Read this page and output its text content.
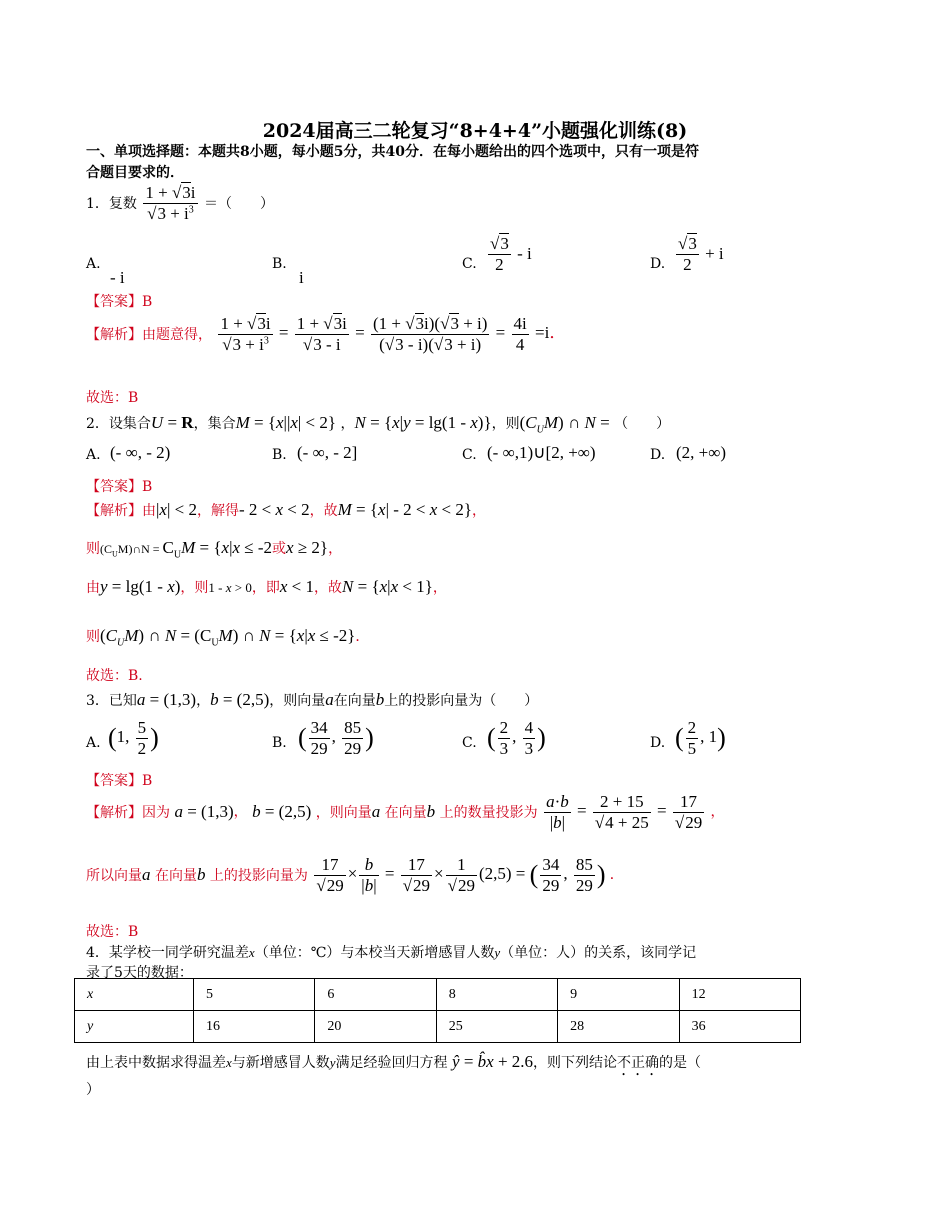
2024届高三二轮复习“8+4+4”小题强化训练(8)
一、单项选择题：本题共8小题，每小题5分，共40分．在每小题给出的四个选项中，只有一项是符
合题目要求的．
1．复数 $\frac{1 + √3i}{√3 + i^3}$ ＝（　　）
A.
- i
B.
i
C. $\frac{√3}{2}$ - i
D. $\frac{√3}{2} + i$
【答案】B
【解析】由题意得， $\frac{1 + √3i}{√3 + i^3} = \frac{1 + √3i}{√3 - i} = \frac{(1 + √3i)(√3 + i)}{(√3 - i)(√3 + i)} = \frac{4i}{4} =i$．
故选：B
2．设集合U = R，集合M = {x||x| < 2} ，N = {x|y = lg(1 - x)}，则$(C_UM)$ ∩ N = （　　）
A. (- ∞, - 2)	B. (- ∞, - 2]	C. (- ∞,1)∪[2, +∞)	D. (2, +∞)
【答案】B
【解析】由|x| < 2，解得- 2 < x < 2，故M = {x| - 2 < x < 2}，
则$(C_UM)\cap N = C_UM = \{x|x \le -2$或x ≥ 2}，
由y = lg(1 - x)，则1 - x > 0，即x < 1，故N = {x|x < 1}，
则$(C_UM)$ ∩ $N = (C_UM)$ ∩ N = {x|x ≤ -2}．
故选：B.
3．已知a = (1,3)，b = (2,5)，则向量a在向量b上的投影向量为（　　）
A. (1, $\frac{5}{2}$ )	B. ( $\frac{34}{29}$ , $\frac{85}{29}$ )	C. ( $\frac{2}{3}$ , $\frac{4}{3}$ )	D. ( $\frac{2}{5}$ , 1)
【答案】B
【解析】因为 a = (1,3)， b = (2,5) ，则向量a 在向量b 上的数量投影为 $\frac{a\cdot b}{|b|} = \frac{2 + 15}{√4 + 25} = \frac{17}{√29}$ ，
所以向量a 在向量b 上的投影向量为 $\frac{17}{√29} \times \frac{b}{|b|} = \frac{17}{√29} \times \frac{1}{√29} (2,5)$ = ( $\frac{34}{29}$ , $\frac{85}{29}$ ) ．
故选：B
4．某学校一同学研究温差x（单位：℃）与本校当天新增感冒人数y（单位：人）的关系，该同学记
录了5天的数据：
x	5	6	8	9	12
y	16	20	25	28	36
由上表中数据求得温差x与新增感冒人数y满足经验回归方程 ŷ = b̂x + 2.6，则下列结论不正确的是（
）
